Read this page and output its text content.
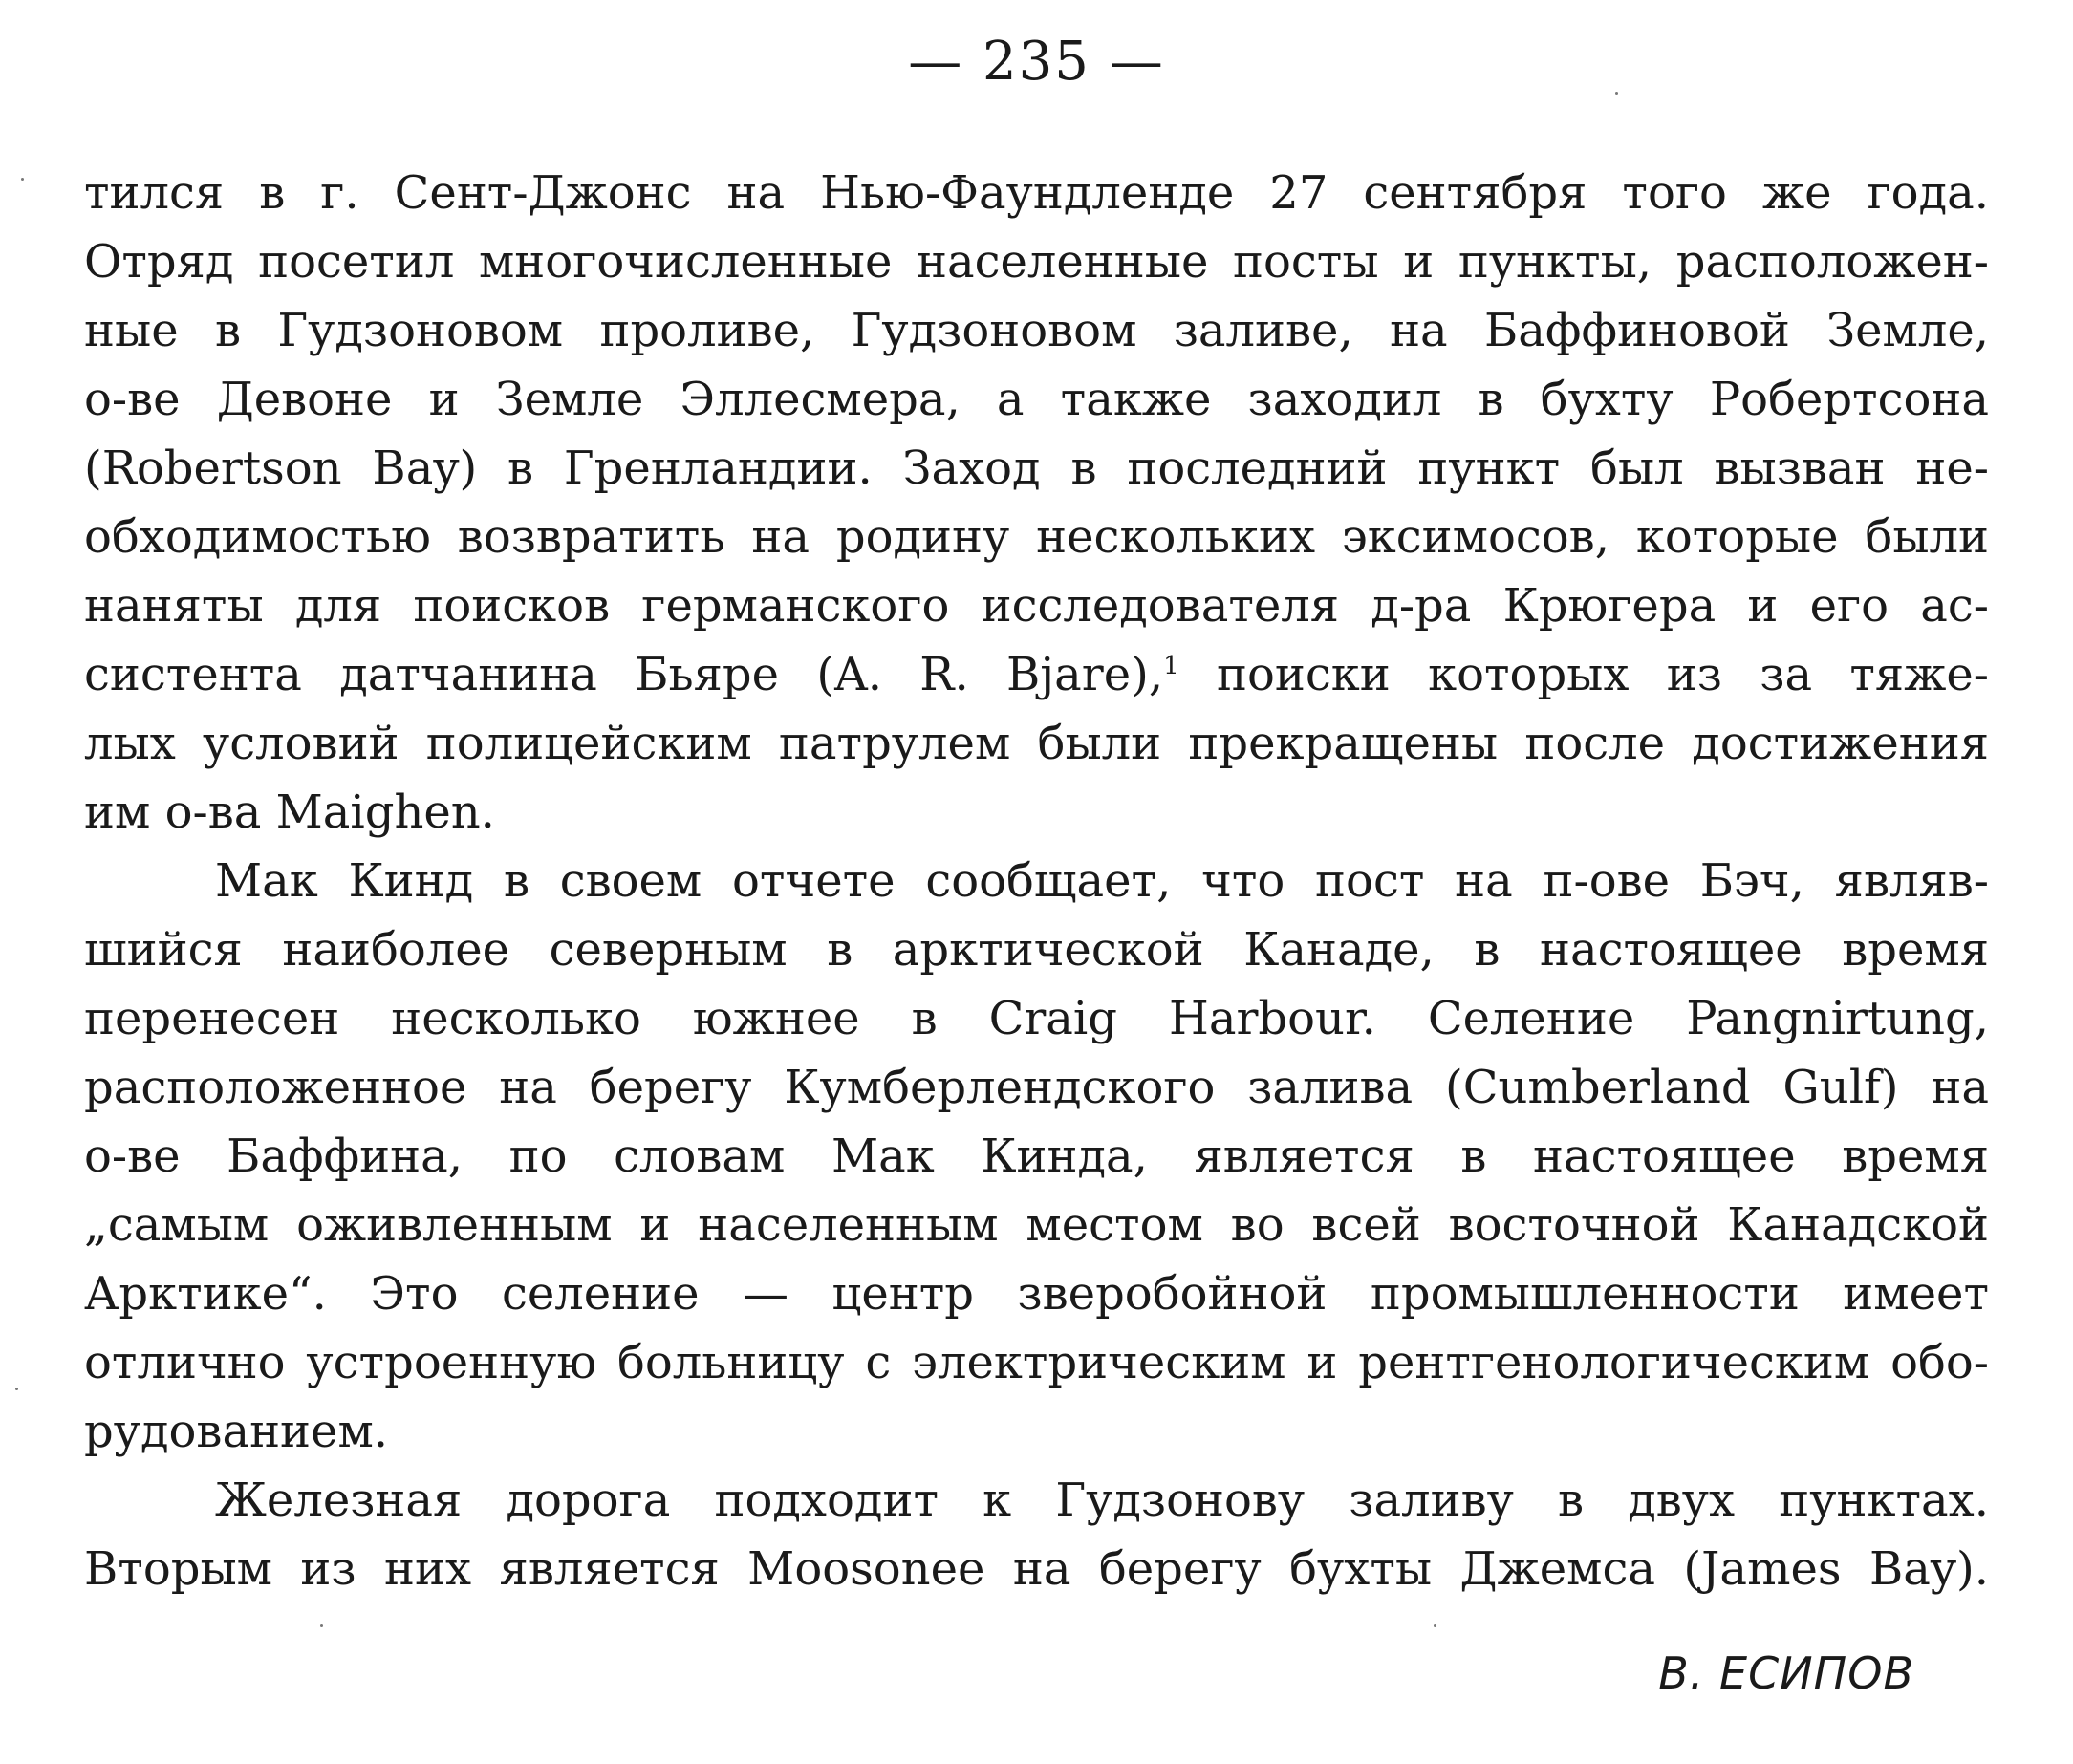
— 235 —
тился в г. Сент-Джонс на Нью-Фаундленде 27 сентября того же года.
Отряд посетил многочисленные населенные посты и пункты, расположен-
ные в Гудзоновом проливе, Гудзоновом заливе, на Баффиновой Земле,
о-ве Девоне и Земле Эллесмера, а также заходил в бухту Робертсона
(Robertson Bay) в Гренландии. Заход в последний пункт был вызван не-
обходимостью возвратить на родину нескольких эксимосов, которые были
наняты для поисков германского исследователя д-ра Крюгера и его ас-
систента датчанина Бьяре (A. R. Bjare),$^1$ поиски которых из за тяже-
лых условий полицейским патрулем были прекращены после достижения
им о-ва Maighen.
Мак Кинд в своем отчете сообщает, что пост на п-ове Бэч, являв-
шийся наиболее северным в арктической Канаде, в настоящее время
перенесен несколько южнее в Craig Harbour. Селение Pangnirtung,
расположенное на берегу Кумберлендского залива (Cumberland Gulf) на
о-ве Баффина, по словам Мак Кинда, является в настоящее время
„самым оживленным и населенным местом во всей восточной Канадской
Арктике“. Это селение — центр зверобойной промышленности имеет
отлично устроенную больницу с электрическим и рентгенологическим обо-
рудованием.
Железная дорога подходит к Гудзонову заливу в двух пунктах.
Вторым из них является Moosonee на берегу бухты Джемса (James Bay).
В. ЕСИПОВ
